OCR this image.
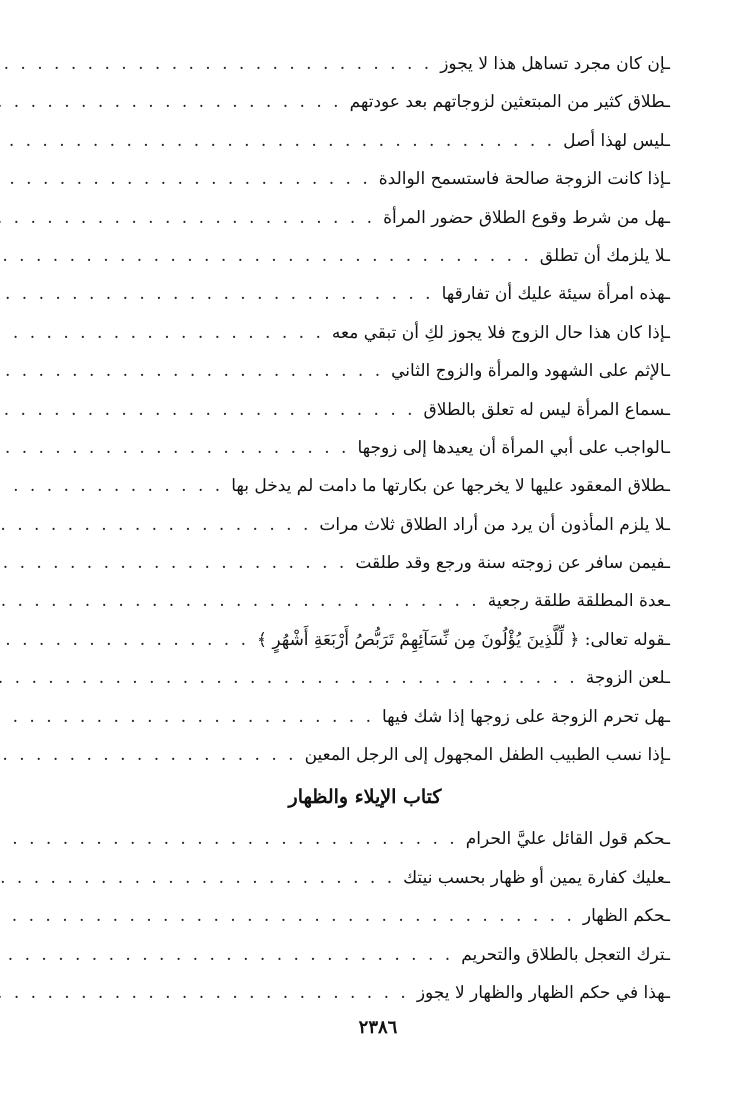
ـ إن كان مجرد تساهل هذا لا يجوز
. . .
ـ طلاق كثير من المبتعثين لزوجاتهم بعد عودتهم
. . .
ـ ليس لهذا أصل
. . .
ـ إذا كانت الزوجة صالحة فاستسمح الوالدة
. . .
ـ هل من شرط وقوع الطلاق حضور المرأة
. . .
ـ لا يلزمك أن تطلق
. . .
ـ هذه امرأة سيئة عليك أن تفارقها
. . .
ـ إذا كان هذا حال الزوج فلا يجوز لكِ أن تبقي معه
. . .
ـ الإثم على الشهود والمرأة والزوج الثاني
. . .
ـ سماع المرأة ليس له تعلق بالطلاق
. . .
ـ الواجب على أبي المرأة أن يعيدها إلى زوجها
. . .
ـ طلاق المعقود عليها لا يخرجها عن بكارتها ما دامت لم يدخل بها
. . .
ـ لا يلزم المأذون أن يرد من أراد الطلاق ثلاث مرات
. . .
ـ فيمن سافر عن زوجته سنة ورجع وقد طلقت
. . .
ـ عدة المطلقة طلقة رجعية
. . .
ـ قوله تعالى: ﴿ لِّلَّذِينَ يُؤْلُونَ مِن نِّسَآئِهِمْ تَرَبُّصُ أَرْبَعَةِ أَشْهُرٍ ﴾
. . .
ـ لعن الزوجة
. . .
ـ هل تحرم الزوجة على زوجها إذا شك فيها
. . .
ـ إذا نسب الطبيب الطفل المجهول إلى الرجل المعين
. . .
كتاب الإيلاء والظهار
ـ حكم قول القائل عليَّ الحرام
. . .
ـ عليك كفارة يمين أو ظهار بحسب نيتك
. . .
ـ حكم الظهار
. . .
ـ ترك التعجل بالطلاق والتحريم
. . .
ـ هذا في حكم الظهار والظهار لا يجوز
. . .
٢٣٨٦
